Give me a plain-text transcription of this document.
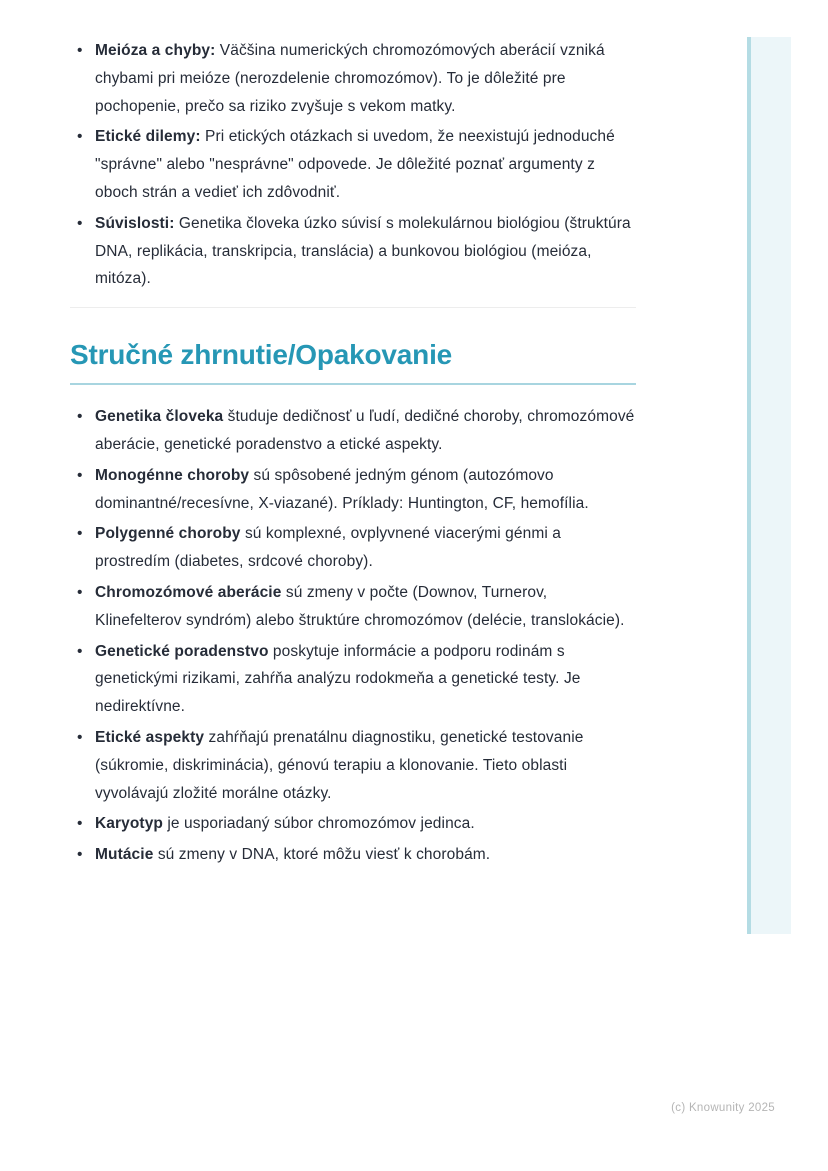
Meióza a chyby: Väčšina numerických chromozómových aberácií vzniká chybami pri meióze (nerozdelenie chromozómov). To je dôležité pre pochopenie, prečo sa riziko zvyšuje s vekom matky.
Etické dilemy: Pri etických otázkach si uvedom, že neexistujú jednoduché "správne" alebo "nesprávne" odpovede. Je dôležité poznať argumenty z oboch strán a vedieť ich zdôvodniť.
Súvislosti: Genetika človeka úzko súvisí s molekulárnou biológiou (štruktúra DNA, replikácia, transkripcia, translácia) a bunkovou biológiou (meióza, mitóza).
Stručné zhrnutie/Opakovanie
Genetika človeka študuje dedičnosť u ľudí, dedičné choroby, chromozómové aberácie, genetické poradenstvo a etické aspekty.
Monogénne choroby sú spôsobené jedným génom (autozómovo dominantné/recesívne, X-viazané). Príklady: Huntington, CF, hemofília.
Polygenné choroby sú komplexné, ovplyvnené viacerými génmi a prostredím (diabetes, srdcové choroby).
Chromozómové aberácie sú zmeny v počte (Downov, Turnerov, Klinefelterov syndróm) alebo štruktúre chromozómov (delécie, translokácie).
Genetické poradenstvo poskytuje informácie a podporu rodinám s genetickými rizikami, zahŕňa analýzu rodokmeňa a genetické testy. Je nedirektívne.
Etické aspekty zahŕňajú prenatálnu diagnostiku, genetické testovanie (súkromie, diskriminácia), génovú terapiu a klonovanie. Tieto oblasti vyvolávajú zložité morálne otázky.
Karyotyp je usporiadaný súbor chromozómov jedinca.
Mutácie sú zmeny v DNA, ktoré môžu viesť k chorobám.
(c) Knowunity 2025
